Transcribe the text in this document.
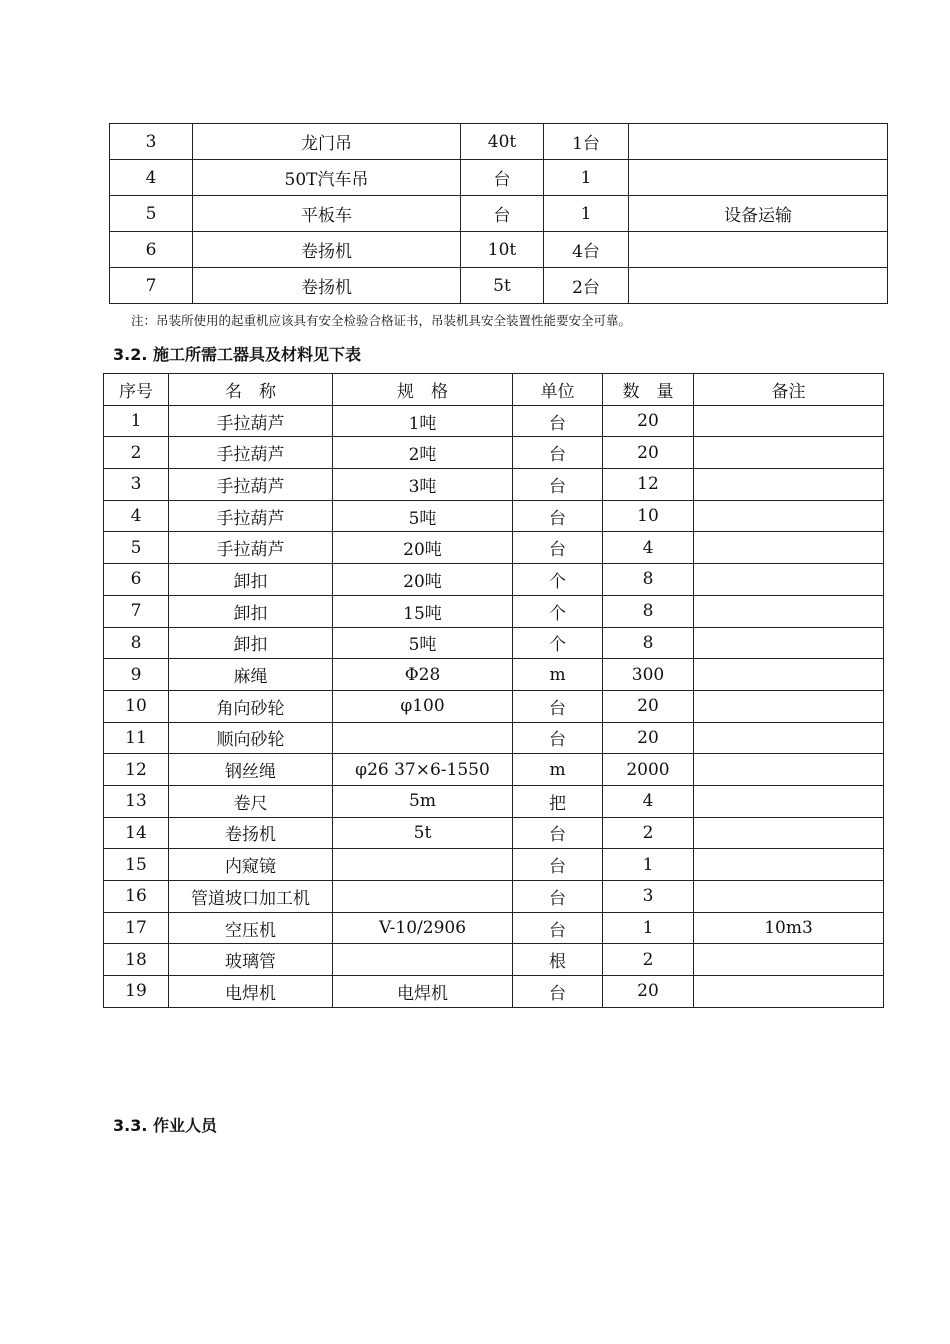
3	龙门吊	40t	1台	
4	50T汽车吊	台	1	
5	平板车	台	1	设备运输
6	卷扬机	10t	4台	
7	卷扬机	5t	2台	
注：吊装所使用的起重机应该具有安全检验合格证书，吊装机具安全装置性能要安全可靠。
3.2. 施工所需工器具及材料见下表
序号	名　称	规　格	单位	数　量	备注
1	手拉葫芦	1吨	台	20	
2	手拉葫芦	2吨	台	20	
3	手拉葫芦	3吨	台	12	
4	手拉葫芦	5吨	台	10	
5	手拉葫芦	20吨	台	4	
6	卸扣	20吨	个	8	
7	卸扣	15吨	个	8	
8	卸扣	5吨	个	8	
9	麻绳	Φ28	m	300	
10	角向砂轮	φ100	台	20	
11	顺向砂轮		台	20	
12	钢丝绳	φ26 37×6-1550	m	2000	
13	卷尺	5m	把	4	
14	卷扬机	5t	台	2	
15	内窥镜		台	1	
16	管道坡口加工机		台	3	
17	空压机	V-10/2906	台	1	10m3
18	玻璃管		根	2	
19	电焊机	电焊机	台	20	
3.3. 作业人员
